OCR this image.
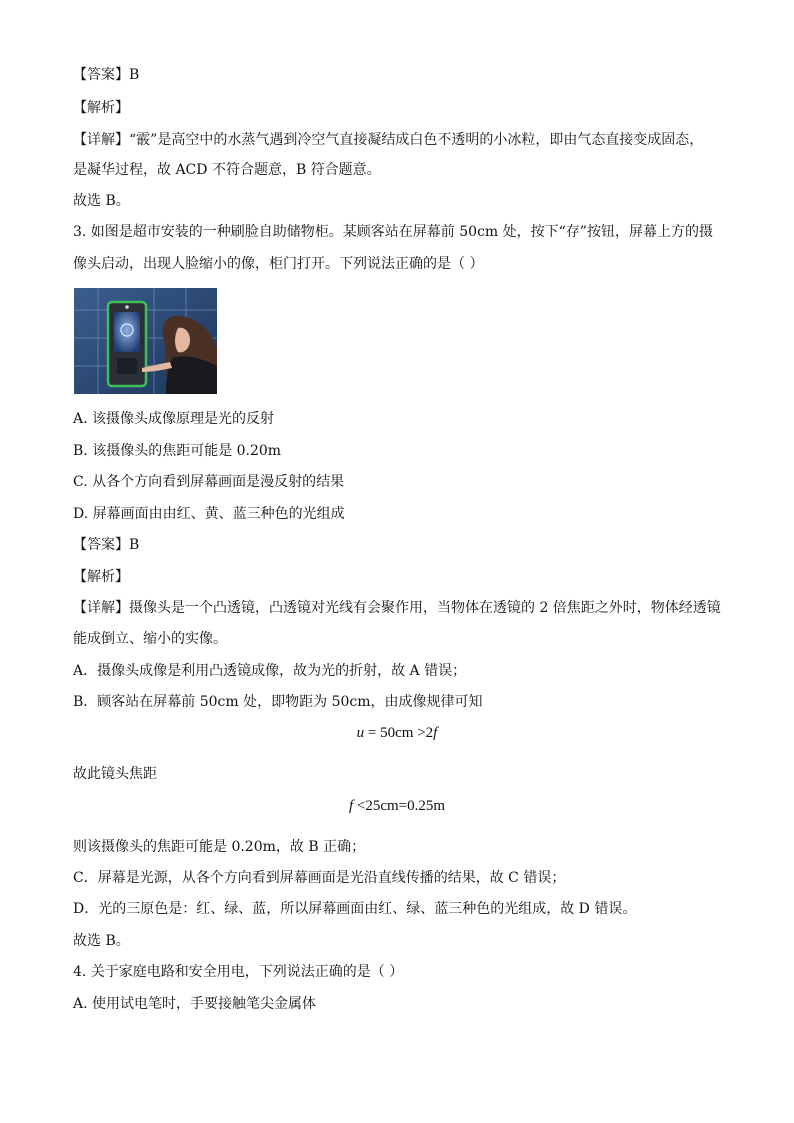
【答案】B
【解析】
【详解】“霰”是高空中的水蒸气遇到冷空气直接凝结成白色不透明的小冰粒，即由气态直接变成固态，
是凝华过程，故 ACD 不符合题意，B 符合题意。
故选 B。
3. 如图是超市安装的一种刷脸自助储物柜。某顾客站在屏幕前 50cm 处，按下“存”按钮，屏幕上方的摄
像头启动，出现人脸缩小的像，柜门打开。下列说法正确的是（ ）
A. 该摄像头成像原理是光的反射
B. 该摄像头的焦距可能是 0.20m
C. 从各个方向看到屏幕画面是漫反射的结果
D. 屏幕画面由由红、黄、蓝三种色的光组成
【答案】B
【解析】
【详解】摄像头是一个凸透镜，凸透镜对光线有会聚作用，当物体在透镜的 2 倍焦距之外时，物体经透镜
能成倒立、缩小的实像。
A．摄像头成像是利用凸透镜成像，故为光的折射，故 A 错误；
B．顾客站在屏幕前 50cm 处，即物距为 50cm，由成像规律可知
u = 50cm >2f
故此镜头焦距
f <25cm=0.25m
则该摄像头的焦距可能是 0.20m，故 B 正确；
C．屏幕是光源，从各个方向看到屏幕画面是光沿直线传播的结果，故 C 错误；
D．光的三原色是：红、绿、蓝，所以屏幕画面由红、绿、蓝三种色的光组成，故 D 错误。
故选 B。
4. 关于家庭电路和安全用电，下列说法正确的是（ ）
A. 使用试电笔时，手要接触笔尖金属体
